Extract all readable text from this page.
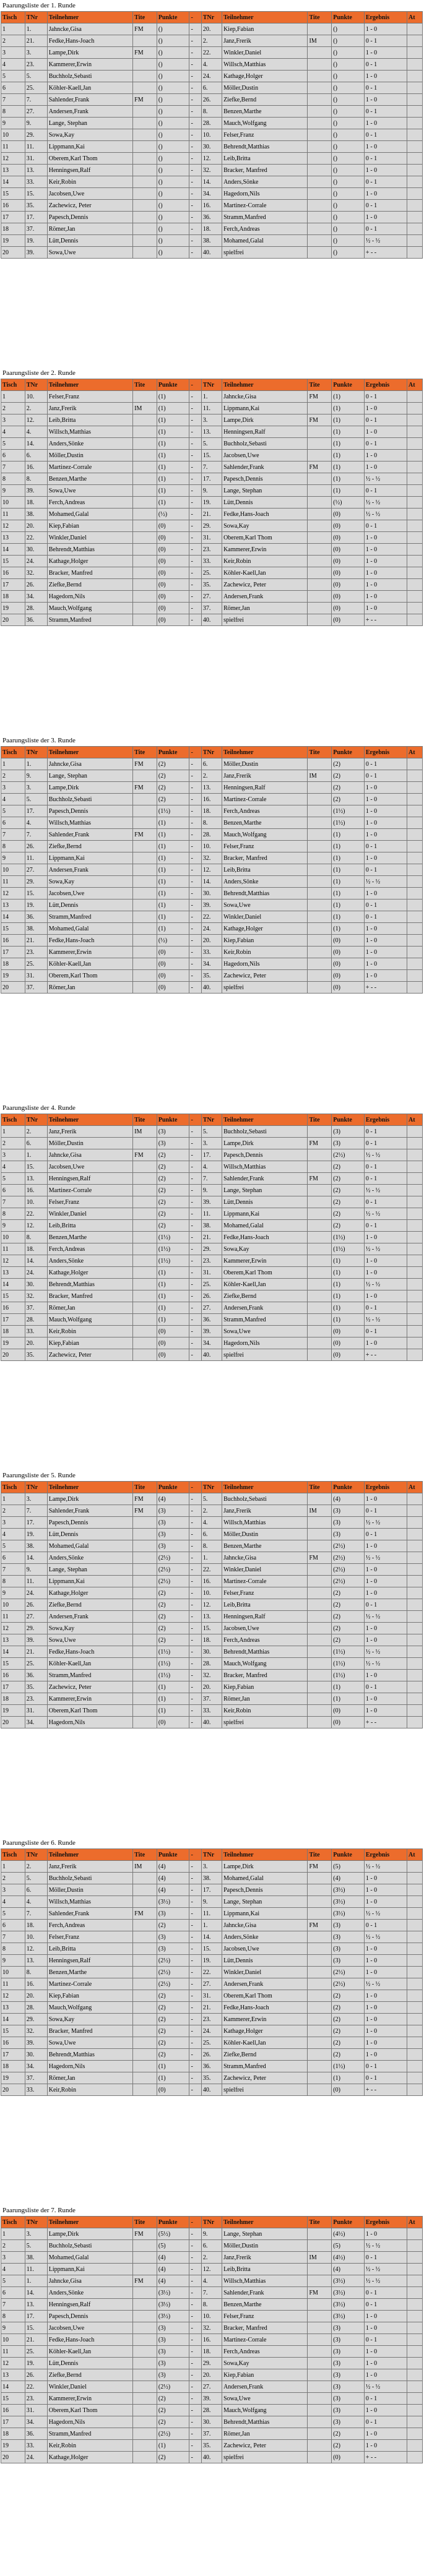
Paarungsliste der 1. Runde
Tisch	TNr	Teilnehmer	Tite	Punkte	-	TNr	Teilnehmer	Tite	Punkte	Ergebnis	At
1	1.	Jahncke,Gisa	FM	()	-	20.	Kiep,Fabian		()	1 - 0	
2	21.	Fedke,Hans-Joach		()	-	2.	Janz,Frerik	IM	()	0 - 1	
3	3.	Lampe,Dirk	FM	()	-	22.	Winkler,Daniel		()	1 - 0	
4	23.	Kammerer,Erwin		()	-	4.	Willsch,Matthias		()	0 - 1	
5	5.	Buchholz,Sebasti		()	-	24.	Kathage,Holger		()	1 - 0	
6	25.	Köhler-Kaell,Jan		()	-	6.	Möller,Dustin		()	0 - 1	
7	7.	Sahlender,Frank	FM	()	-	26.	Ziefke,Bernd		()	1 - 0	
8	27.	Andersen,Frank		()	-	8.	Benzen,Marthe		()	0 - 1	
9	9.	Lange, Stephan		()	-	28.	Mauch,Wolfgang		()	1 - 0	
10	29.	Sowa,Kay		()	-	10.	Felser,Franz		()	0 - 1	
11	11.	Lippmann,Kai		()	-	30.	Behrendt,Matthias		()	1 - 0	
12	31.	Oberem,Karl Thom		()	-	12.	Leib,Britta		()	0 - 1	
13	13.	Henningsen,Ralf		()	-	32.	Bracker, Manfred		()	1 - 0	
14	33.	Keir,Robin		()	-	14.	Anders,Sönke		()	0 - 1	
15	15.	Jacobsen,Uwe		()	-	34.	Hagedorn,Nils		()	1 - 0	
16	35.	Zachewicz, Peter		()	-	16.	Martinez-Corrale		()	0 - 1	
17	17.	Papesch,Dennis		()	-	36.	Stramm,Manfred		()	1 - 0	
18	37.	Römer,Jan		()	-	18.	Ferch,Andreas		()	0 - 1	
19	19.	Lütt,Dennis		()	-	38.	Mohamed,Galal		()	½ - ½	
20	39.	Sowa,Uwe		()	-	40.	spielfrei		()	+ - -	
Paarungsliste der 2. Runde
Tisch	TNr	Teilnehmer	Tite	Punkte	-	TNr	Teilnehmer	Tite	Punkte	Ergebnis	At
1	10.	Felser,Franz		(1)	-	1.	Jahncke,Gisa	FM	(1)	0 - 1	
2	2.	Janz,Frerik	IM	(1)	-	11.	Lippmann,Kai		(1)	1 - 0	
3	12.	Leib,Britta		(1)	-	3.	Lampe,Dirk	FM	(1)	0 - 1	
4	4.	Willsch,Matthias		(1)	-	13.	Henningsen,Ralf		(1)	1 - 0	
5	14.	Anders,Sönke		(1)	-	5.	Buchholz,Sebasti		(1)	0 - 1	
6	6.	Möller,Dustin		(1)	-	15.	Jacobsen,Uwe		(1)	1 - 0	
7	16.	Martinez-Corrale		(1)	-	7.	Sahlender,Frank	FM	(1)	1 - 0	
8	8.	Benzen,Marthe		(1)	-	17.	Papesch,Dennis		(1)	½ - ½	
9	39.	Sowa,Uwe		(1)	-	9.	Lange, Stephan		(1)	0 - 1	
10	18.	Ferch,Andreas		(1)	-	19.	Lütt,Dennis		(½)	½ - ½	
11	38.	Mohamed,Galal		(½)	-	21.	Fedke,Hans-Joach		(0)	½ - ½	
12	20.	Kiep,Fabian		(0)	-	29.	Sowa,Kay		(0)	0 - 1	
13	22.	Winkler,Daniel		(0)	-	31.	Oberem,Karl Thom		(0)	1 - 0	
14	30.	Behrendt,Matthias		(0)	-	23.	Kammerer,Erwin		(0)	1 - 0	
15	24.	Kathage,Holger		(0)	-	33.	Keir,Robin		(0)	1 - 0	
16	32.	Bracker, Manfred		(0)	-	25.	Köhler-Kaell,Jan		(0)	1 - 0	
17	26.	Ziefke,Bernd		(0)	-	35.	Zachewicz, Peter		(0)	1 - 0	
18	34.	Hagedorn,Nils		(0)	-	27.	Andersen,Frank		(0)	1 - 0	
19	28.	Mauch,Wolfgang		(0)	-	37.	Römer,Jan		(0)	1 - 0	
20	36.	Stramm,Manfred		(0)	-	40.	spielfrei		(0)	+ - -	
Paarungsliste der 3. Runde
Tisch	TNr	Teilnehmer	Tite	Punkte	-	TNr	Teilnehmer	Tite	Punkte	Ergebnis	At
1	1.	Jahncke,Gisa	FM	(2)	-	6.	Möller,Dustin		(2)	0 - 1	
2	9.	Lange, Stephan		(2)	-	2.	Janz,Frerik	IM	(2)	0 - 1	
3	3.	Lampe,Dirk	FM	(2)	-	13.	Henningsen,Ralf		(2)	1 - 0	
4	5.	Buchholz,Sebasti		(2)	-	16.	Martinez-Corrale		(2)	1 - 0	
5	17.	Papesch,Dennis		(1½)	-	18.	Ferch,Andreas		(1½)	1 - 0	
6	4.	Willsch,Matthias		(1)	-	8.	Benzen,Marthe		(1½)	1 - 0	
7	7.	Sahlender,Frank	FM	(1)	-	28.	Mauch,Wolfgang		(1)	1 - 0	
8	26.	Ziefke,Bernd		(1)	-	10.	Felser,Franz		(1)	0 - 1	
9	11.	Lippmann,Kai		(1)	-	32.	Bracker, Manfred		(1)	1 - 0	
10	27.	Andersen,Frank		(1)	-	12.	Leib,Britta		(1)	0 - 1	
11	29.	Sowa,Kay		(1)	-	14.	Anders,Sönke		(1)	½ - ½	
12	15.	Jacobsen,Uwe		(1)	-	30.	Behrendt,Matthias		(1)	1 - 0	
13	19.	Lütt,Dennis		(1)	-	39.	Sowa,Uwe		(1)	0 - 1	
14	36.	Stramm,Manfred		(1)	-	22.	Winkler,Daniel		(1)	0 - 1	
15	38.	Mohamed,Galal		(1)	-	24.	Kathage,Holger		(1)	1 - 0	
16	21.	Fedke,Hans-Joach		(½)	-	20.	Kiep,Fabian		(0)	1 - 0	
17	23.	Kammerer,Erwin		(0)	-	33.	Keir,Robin		(0)	1 - 0	
18	25.	Köhler-Kaell,Jan		(0)	-	34.	Hagedorn,Nils		(0)	1 - 0	
19	31.	Oberem,Karl Thom		(0)	-	35.	Zachewicz, Peter		(0)	1 - 0	
20	37.	Römer,Jan		(0)	-	40.	spielfrei		(0)	+ - -	
Paarungsliste der 4. Runde
Tisch	TNr	Teilnehmer	Tite	Punkte	-	TNr	Teilnehmer	Tite	Punkte	Ergebnis	At
1	2.	Janz,Frerik	IM	(3)	-	5.	Buchholz,Sebasti		(3)	0 - 1	
2	6.	Möller,Dustin		(3)	-	3.	Lampe,Dirk	FM	(3)	0 - 1	
3	1.	Jahncke,Gisa	FM	(2)	-	17.	Papesch,Dennis		(2½)	½ - ½	
4	15.	Jacobsen,Uwe		(2)	-	4.	Willsch,Matthias		(2)	0 - 1	
5	13.	Henningsen,Ralf		(2)	-	7.	Sahlender,Frank	FM	(2)	0 - 1	
6	16.	Martinez-Corrale		(2)	-	9.	Lange, Stephan		(2)	½ - ½	
7	10.	Felser,Franz		(2)	-	39.	Lütt,Dennis		(2)	0 - 1	
8	22.	Winkler,Daniel		(2)	-	11.	Lippmann,Kai		(2)	½ - ½	
9	12.	Leib,Britta		(2)	-	38.	Mohamed,Galal		(2)	0 - 1	
10	8.	Benzen,Marthe		(1½)	-	21.	Fedke,Hans-Joach		(1½)	1 - 0	
11	18.	Ferch,Andreas		(1½)	-	29.	Sowa,Kay		(1½)	½ - ½	
12	14.	Anders,Sönke		(1½)	-	23.	Kammerer,Erwin		(1)	1 - 0	
13	24.	Kathage,Holger		(1)	-	31.	Oberem,Karl Thom		(1)	1 - 0	
14	30.	Behrendt,Matthias		(1)	-	25.	Köhler-Kaell,Jan		(1)	½ - ½	
15	32.	Bracker, Manfred		(1)	-	26.	Ziefke,Bernd		(1)	1 - 0	
16	37.	Römer,Jan		(1)	-	27.	Andersen,Frank		(1)	0 - 1	
17	28.	Mauch,Wolfgang		(1)	-	36.	Stramm,Manfred		(1)	½ - ½	
18	33.	Keir,Robin		(0)	-	39.	Sowa,Uwe		(0)	0 - 1	
19	20.	Kiep,Fabian		(0)	-	34.	Hagedorn,Nils		(0)	1 - 0	
20	35.	Zachewicz, Peter		(0)	-	40.	spielfrei		(0)	+ - -	
Paarungsliste der 5. Runde
Tisch	TNr	Teilnehmer	Tite	Punkte	-	TNr	Teilnehmer	Tite	Punkte	Ergebnis	At
1	3.	Lampe,Dirk	FM	(4)	-	5.	Buchholz,Sebasti		(4)	1 - 0	
2	7.	Sahlender,Frank	FM	(3)	-	2.	Janz,Frerik	IM	(3)	0 - 1	
3	17.	Papesch,Dennis		(3)	-	4.	Willsch,Matthias		(3)	½ - ½	
4	19.	Lütt,Dennis		(3)	-	6.	Möller,Dustin		(3)	0 - 1	
5	38.	Mohamed,Galal		(3)	-	8.	Benzen,Marthe		(2½)	1 - 0	
6	14.	Anders,Sönke		(2½)	-	1.	Jahncke,Gisa	FM	(2½)	½ - ½	
7	9.	Lange, Stephan		(2½)	-	22.	Winkler,Daniel		(2½)	1 - 0	
8	11.	Lippmann,Kai		(2½)	-	16.	Martinez-Corrale		(2½)	1 - 0	
9	24.	Kathage,Holger		(2)	-	10.	Felser,Franz		(2)	1 - 0	
10	26.	Ziefke,Bernd		(2)	-	12.	Leib,Britta		(2)	0 - 1	
11	27.	Andersen,Frank		(2)	-	13.	Henningsen,Ralf		(2)	½ - ½	
12	29.	Sowa,Kay		(2)	-	15.	Jacobsen,Uwe		(2)	1 - 0	
13	39.	Sowa,Uwe		(2)	-	18.	Ferch,Andreas		(2)	1 - 0	
14	21.	Fedke,Hans-Joach		(1½)	-	30.	Behrendt,Matthias		(1½)	½ - ½	
15	25.	Köhler-Kaell,Jan		(1½)	-	28.	Mauch,Wolfgang		(1½)	½ - ½	
16	36.	Stramm,Manfred		(1½)	-	32.	Bracker, Manfred		(1½)	1 - 0	
17	35.	Zachewicz, Peter		(1)	-	20.	Kiep,Fabian		(1)	0 - 1	
18	23.	Kammerer,Erwin		(1)	-	37.	Römer,Jan		(1)	1 - 0	
19	31.	Oberem,Karl Thom		(1)	-	33.	Keir,Robin		(0)	1 - 0	
20	34.	Hagedorn,Nils		(0)	-	40.	spielfrei		(0)	+ - -	
Paarungsliste der 6. Runde
Tisch	TNr	Teilnehmer	Tite	Punkte	-	TNr	Teilnehmer	Tite	Punkte	Ergebnis	At
1	2.	Janz,Frerik	IM	(4)	-	3.	Lampe,Dirk	FM	(5)	½ - ½	
2	5.	Buchholz,Sebasti		(4)	-	38.	Mohamed,Galal		(4)	1 - 0	
3	6.	Möller,Dustin		(4)	-	17.	Papesch,Dennis		(3½)	1 - 0	
4	4.	Willsch,Matthias		(3½)	-	9.	Lange, Stephan		(3½)	1 - 0	
5	7.	Sahlender,Frank	FM	(3)	-	11.	Lippmann,Kai		(3½)	½ - ½	
6	18.	Ferch,Andreas		(2)	-	1.	Jahncke,Gisa	FM	(3)	0 - 1	
7	10.	Felser,Franz		(3)	-	14.	Anders,Sönke		(3)	½ - ½	
8	12.	Leib,Britta		(3)	-	15.	Jacobsen,Uwe		(3)	1 - 0	
9	13.	Henningsen,Ralf		(2½)	-	19.	Lütt,Dennis		(3)	1 - 0	
10	8.	Benzen,Marthe		(2½)	-	22.	Winkler,Daniel		(2½)	1 - 0	
11	16.	Martinez-Corrale		(2½)	-	27.	Andersen,Frank		(2½)	½ - ½	
12	20.	Kiep,Fabian		(2)	-	31.	Oberem,Karl Thom		(2)	1 - 0	
13	28.	Mauch,Wolfgang		(2)	-	21.	Fedke,Hans-Joach		(2)	1 - 0	
14	29.	Sowa,Kay		(2)	-	23.	Kammerer,Erwin		(2)	1 - 0	
15	32.	Bracker, Manfred		(2)	-	24.	Kathage,Holger		(2)	1 - 0	
16	39.	Sowa,Uwe		(2)	-	25.	Köhler-Kaell,Jan		(2)	1 - 0	
17	30.	Behrendt,Matthias		(2)	-	26.	Ziefke,Bernd		(2)	1 - 0	
18	34.	Hagedorn,Nils		(1)	-	36.	Stramm,Manfred		(1½)	0 - 1	
19	37.	Römer,Jan		(1)	-	35.	Zachewicz, Peter		(1)	0 - 1	
20	33.	Keir,Robin		(0)	-	40.	spielfrei		(0)	+ - -	
Paarungsliste der 7. Runde
Tisch	TNr	Teilnehmer	Tite	Punkte	-	TNr	Teilnehmer	Tite	Punkte	Ergebnis	At
1	3.	Lampe,Dirk	FM	(5½)	-	9.	Lange, Stephan		(4½)	1 - 0	
2	5.	Buchholz,Sebasti		(5)	-	6.	Möller,Dustin		(5)	½ - ½	
3	38.	Mohamed,Galal		(4)	-	2.	Janz,Frerik	IM	(4½)	0 - 1	
4	11.	Lippmann,Kai		(4)	-	12.	Leib,Britta		(4)	½ - ½	
5	1.	Jahncke,Gisa	FM	(4)	-	4.	Willsch,Matthias		(3½)	½ - ½	
6	14.	Anders,Sönke		(3½)	-	7.	Sahlender,Frank	FM	(3½)	0 - 1	
7	13.	Henningsen,Ralf		(3½)	-	8.	Benzen,Marthe		(3½)	0 - 1	
8	17.	Papesch,Dennis		(3½)	-	10.	Felser,Franz		(3½)	1 - 0	
9	15.	Jacobsen,Uwe		(3)	-	32.	Bracker, Manfred		(3)	1 - 0	
10	21.	Fedke,Hans-Joach		(3)	-	16.	Martinez-Corrale		(3)	0 - 1	
11	25.	Köhler-Kaell,Jan		(3)	-	18.	Ferch,Andreas		(3)	1 - 0	
12	19.	Lütt,Dennis		(3)	-	29.	Sowa,Kay		(3)	1 - 0	
13	26.	Ziefke,Bernd		(3)	-	20.	Kiep,Fabian		(3)	1 - 0	
14	22.	Winkler,Daniel		(2½)	-	27.	Andersen,Frank		(3)	½ - ½	
15	23.	Kammerer,Erwin		(2)	-	39.	Sowa,Uwe		(3)	0 - 1	
16	31.	Oberem,Karl Thom		(2)	-	28.	Mauch,Wolfgang		(3)	1 - 0	
17	34.	Hagedorn,Nils		(2)	-	30.	Behrendt,Matthias		(3)	0 - 1	
18	36.	Stramm,Manfred		(2½)	-	37.	Römer,Jan		(2)	1 - 0	
19	33.	Keir,Robin		(1)	-	35.	Zachewicz, Peter		(2)	1 - 0	
20	24.	Kathage,Holger		(2)	-	40.	spielfrei		(0)	+ - -	
